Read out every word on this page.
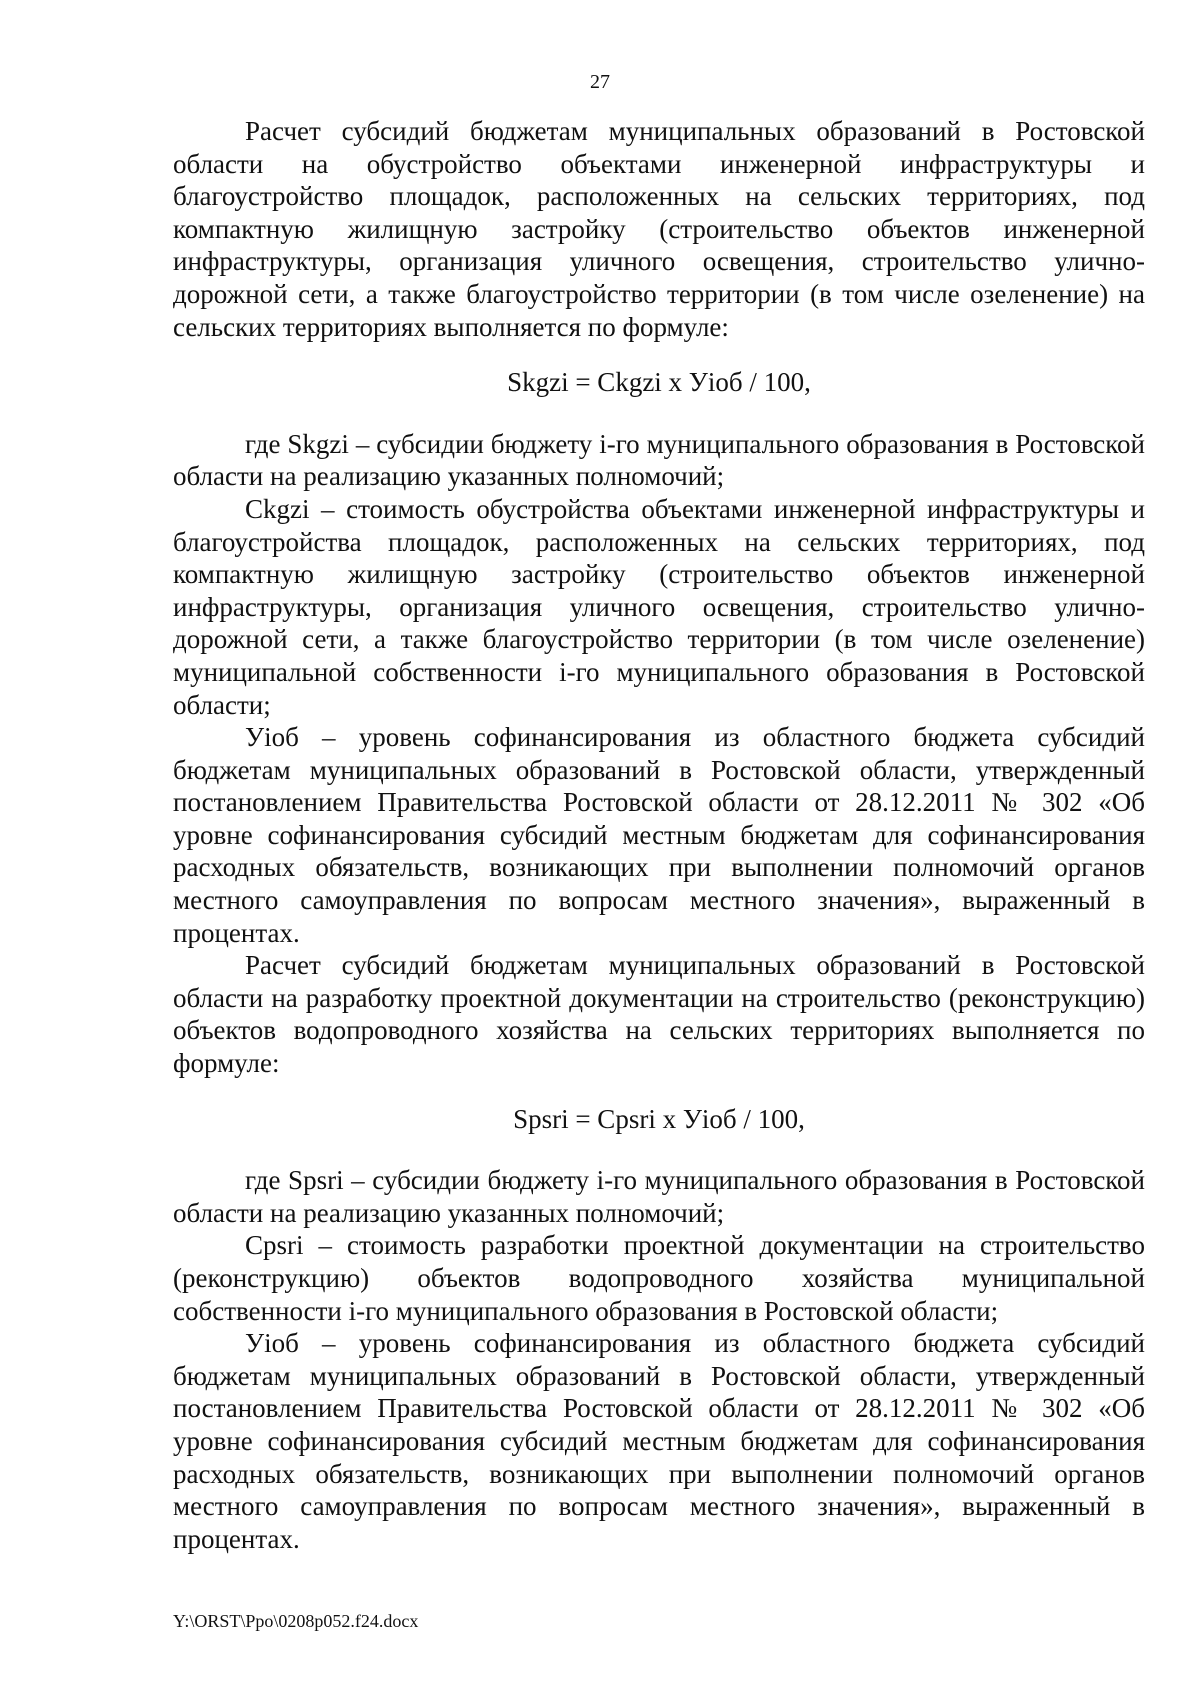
27

Расчет субсидий бюджетам муниципальных образований в Ростовской области на обустройство объектами инженерной инфраструктуры и благоустройство площадок, расположенных на сельских территориях, под компактную жилищную застройку (строительство объектов инженерной инфраструктуры, организация уличного освещения, строительство улично-дорожной сети, а также благоустройство территории (в том числе озеленение) на сельских территориях выполняется по формуле:

Skgzi = Ckgzi х Уioб / 100,

где Skgzi – субсидии бюджету i-го муниципального образования в Ростовской области на реализацию указанных полномочий;

Ckgzi – стоимость обустройства объектами инженерной инфраструктуры и благоустройства площадок, расположенных на сельских территориях, под компактную жилищную застройку (строительство объектов инженерной инфраструктуры, организация уличного освещения, строительство улично-дорожной сети, а также благоустройство территории (в том числе озеленение) муниципальной собственности i-го муниципального образования в Ростовской области;

Уioб – уровень софинансирования из областного бюджета субсидий бюджетам муниципальных образований в Ростовской области, утвержденный постановлением Правительства Ростовской области от 28.12.2011 № 302 «Об уровне софинансирования субсидий местным бюджетам для софинансирования расходных обязательств, возникающих при выполнении полномочий органов местного самоуправления по вопросам местного значения», выраженный в процентах.

Расчет субсидий бюджетам муниципальных образований в Ростовской области на разработку проектной документации на строительство (реконструкцию) объектов водопроводного хозяйства на сельских территориях выполняется по формуле:

Spsri = Cpsri х Уioб / 100,

где Spsri – субсидии бюджету i-го муниципального образования в Ростовской области на реализацию указанных полномочий;

Cpsri – стоимость разработки проектной документации на строительство (реконструкцию) объектов водопроводного хозяйства муниципальной собственности i-го муниципального образования в Ростовской области;

Уioб – уровень софинансирования из областного бюджета субсидий бюджетам муниципальных образований в Ростовской области, утвержденный постановлением Правительства Ростовской области от 28.12.2011 № 302 «Об уровне софинансирования субсидий местным бюджетам для софинансирования расходных обязательств, возникающих при выполнении полномочий органов местного самоуправления по вопросам местного значения», выраженный в процентах.

Y:\ORST\Ppo\0208p052.f24.docx
